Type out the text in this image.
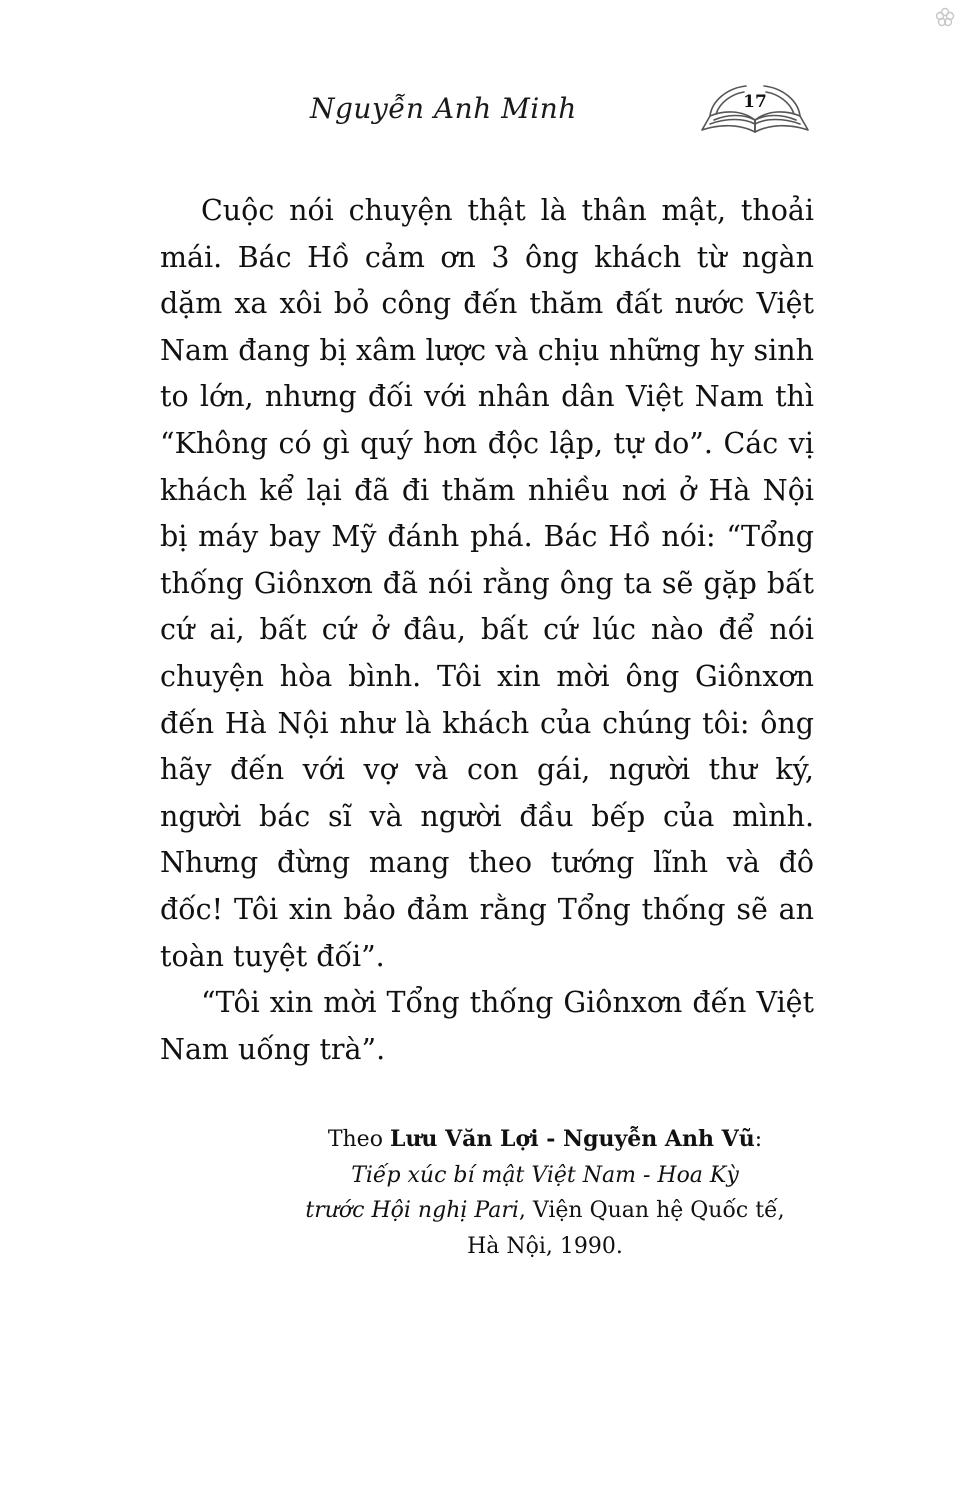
Nguyễn Anh Minh	17

Cuộc nói chuyện thật là thân mật, thoải mái. Bác Hồ cảm ơn 3 ông khách từ ngàn dặm xa xôi bỏ công đến thăm đất nước Việt Nam đang bị xâm lược và chịu những hy sinh to lớn, nhưng đối với nhân dân Việt Nam thì “Không có gì quý hơn độc lập, tự do”. Các vị khách kể lại đã đi thăm nhiều nơi ở Hà Nội bị máy bay Mỹ đánh phá. Bác Hồ nói: “Tổng thống Giônxơn đã nói rằng ông ta sẽ gặp bất cứ ai, bất cứ ở đâu, bất cứ lúc nào để nói chuyện hòa bình. Tôi xin mời ông Giônxơn đến Hà Nội như là khách của chúng tôi: ông hãy đến với vợ và con gái, người thư ký, người bác sĩ và người đầu bếp của mình. Nhưng đừng mang theo tướng lĩnh và đô đốc! Tôi xin bảo đảm rằng Tổng thống sẽ an toàn tuyệt đối”.

“Tôi xin mời Tổng thống Giônxơn đến Việt Nam uống trà”.

Theo Lưu Văn Lợi - Nguyễn Anh Vũ:
Tiếp xúc bí mật Việt Nam - Hoa Kỳ
trước Hội nghị Pari, Viện Quan hệ Quốc tế,
Hà Nội, 1990.
